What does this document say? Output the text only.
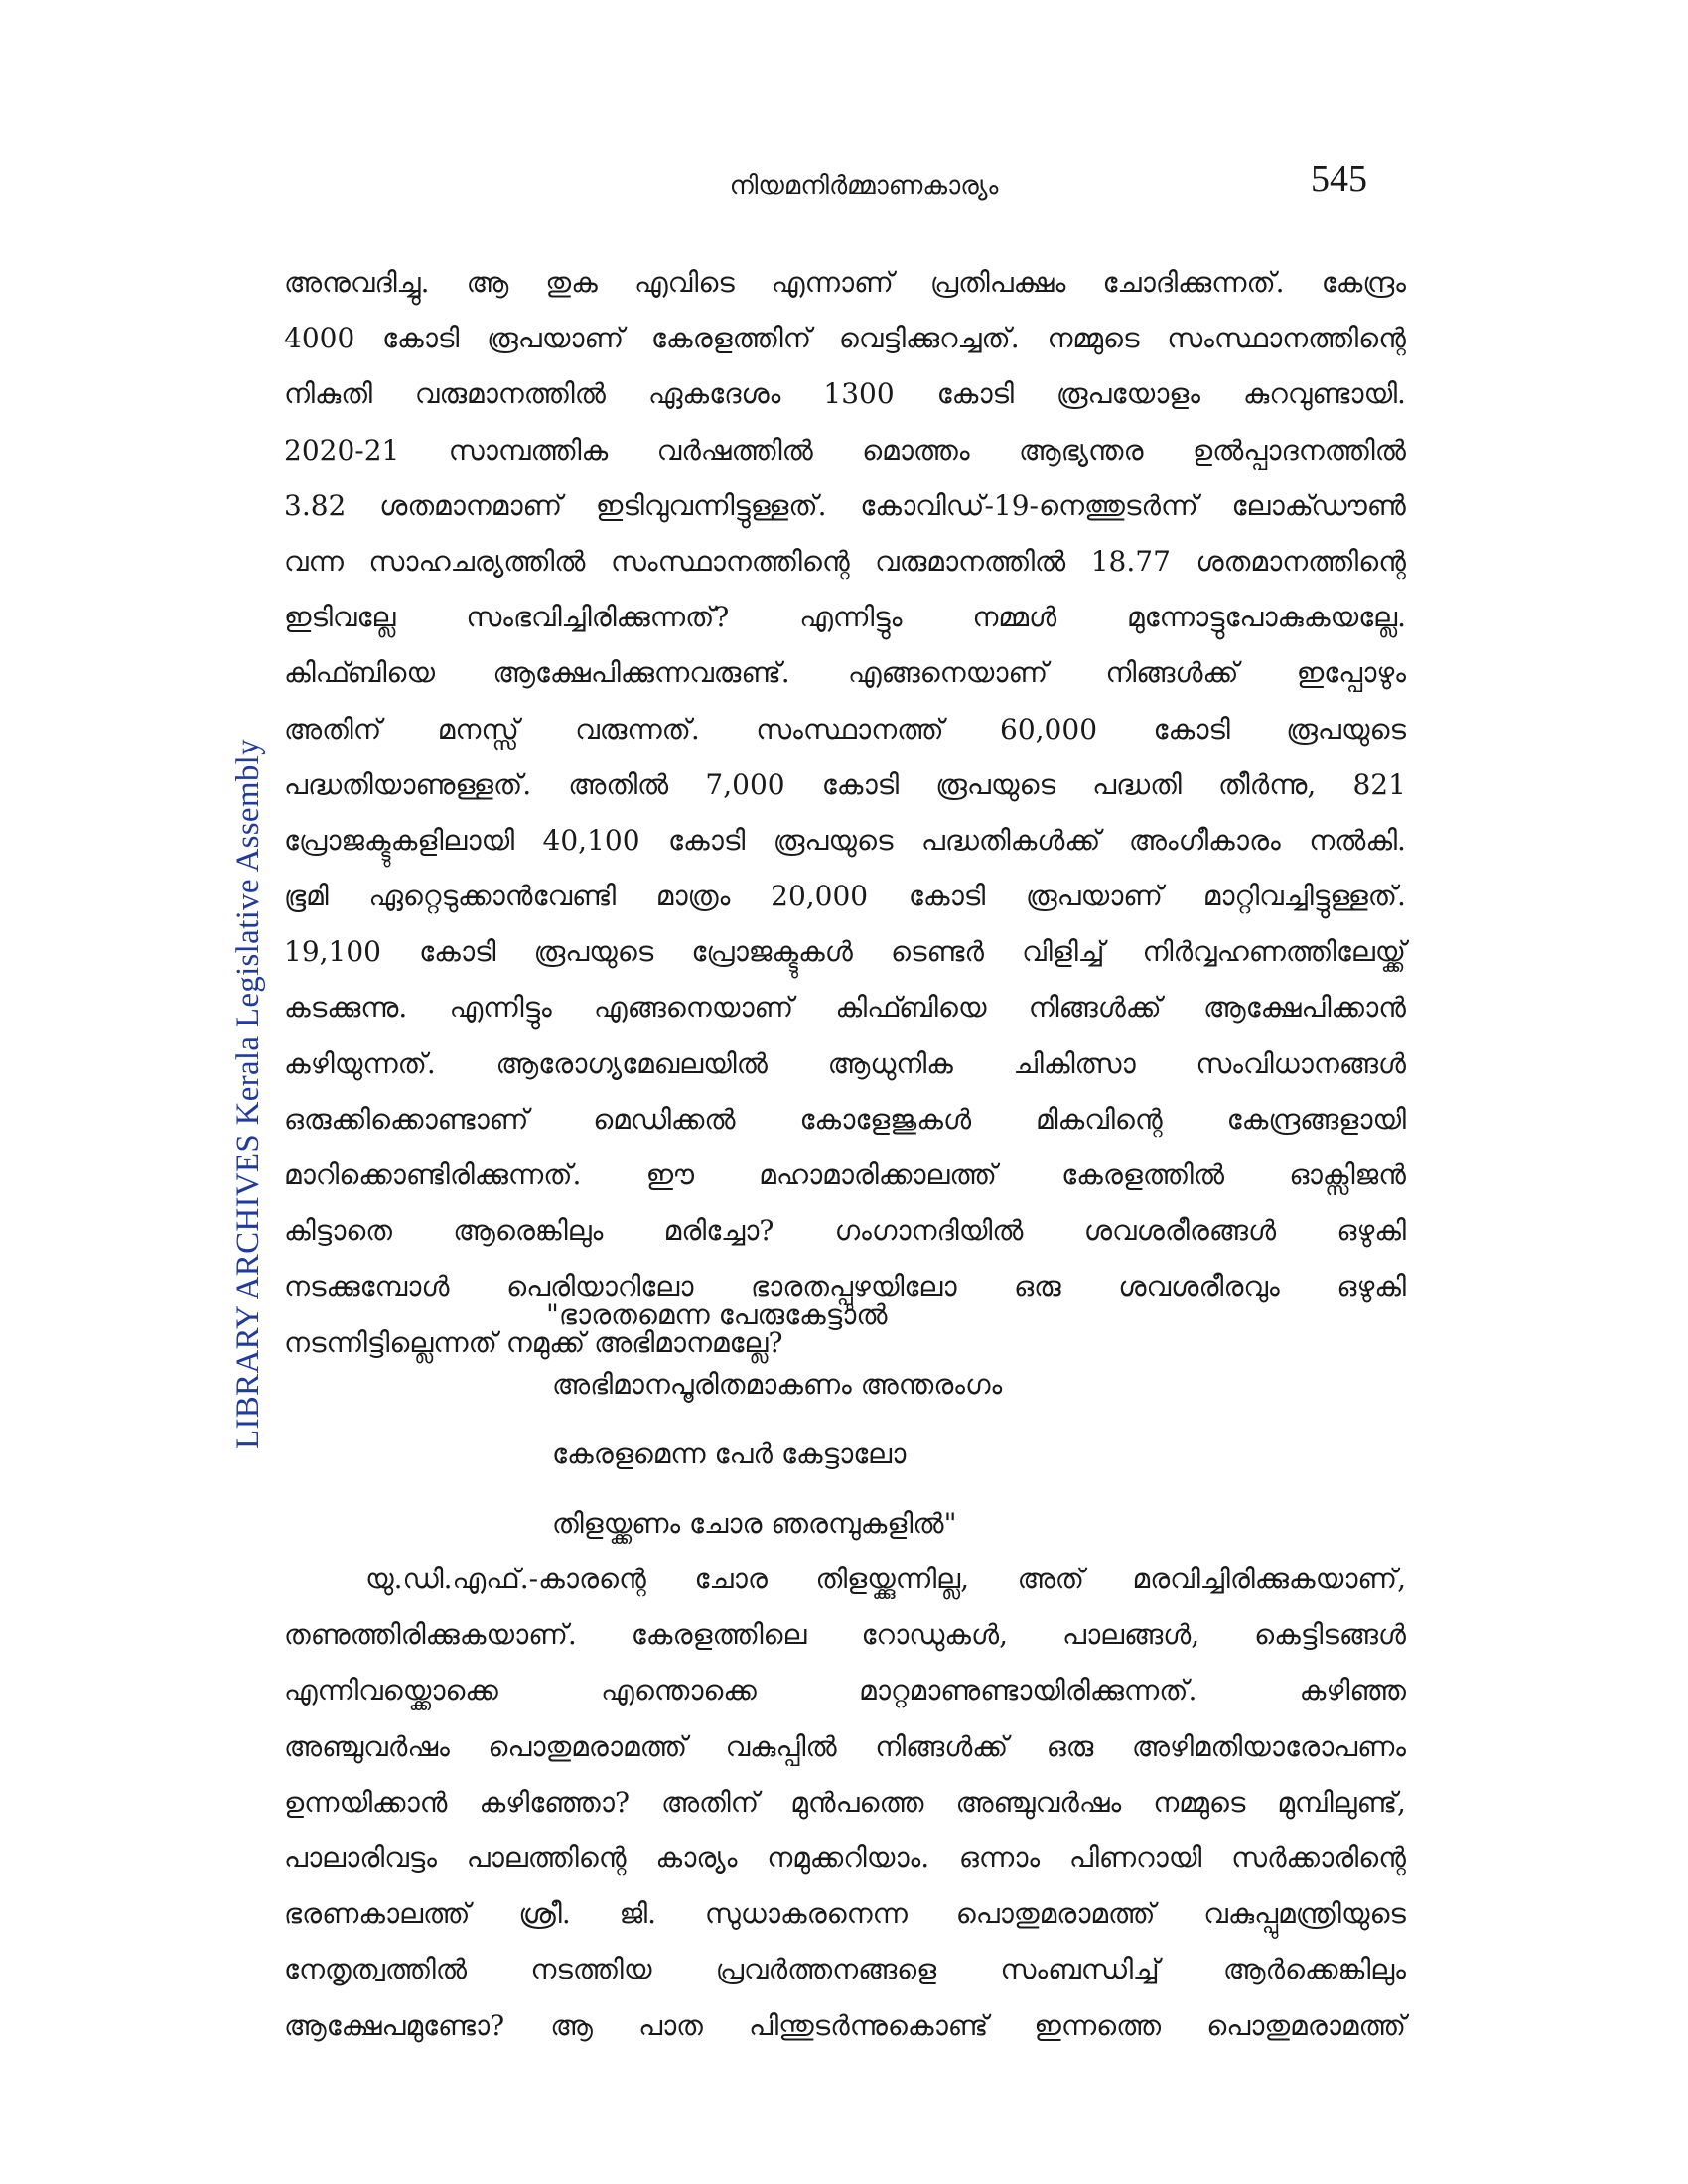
നിയമനിർമ്മാണകാര്യം	545
LIBRARY ARCHIVES Kerala Legislative Assembly
അനുവദിച്ചു. ആ തുക എവിടെ എന്നാണ് പ്രതിപക്ഷം ചോദിക്കുന്നത്. കേന്ദ്രം
4000 കോടി രൂപയാണ് കേരളത്തിന് വെട്ടിക്കുറച്ചത്. നമ്മുടെ സംസ്ഥാനത്തിന്റെ
നികുതി വരുമാനത്തിൽ ഏകദേശം 1300 കോടി രൂപയോളം കുറവുണ്ടായി.
2020-21 സാമ്പത്തിക വർഷത്തിൽ മൊത്തം ആഭ്യന്തര ഉൽപ്പാദനത്തിൽ
3.82 ശതമാനമാണ് ഇടിവുവന്നിട്ടുള്ളത്. കോവിഡ്-19-നെത്തുടർന്ന് ലോക്ഡൗൺ
വന്ന സാഹചര്യത്തിൽ സംസ്ഥാനത്തിന്റെ വരുമാനത്തിൽ 18.77 ശതമാനത്തിന്റെ
ഇടിവല്ലേ	സംഭവിച്ചിരിക്കുന്നത്?	എന്നിട്ടും	നമ്മൾ	മുന്നോട്ടുപോകുകയല്ലേ.
കിഫ്ബിയെ ആക്ഷേപിക്കുന്നവരുണ്ട്. എങ്ങനെയാണ് നിങ്ങൾക്ക് ഇപ്പോഴും
അതിന് മനസ്സ് വരുന്നത്. സംസ്ഥാനത്ത് 60,000 കോടി രൂപയുടെ
പദ്ധതിയാണുള്ളത്. അതിൽ 7,000 കോടി രൂപയുടെ പദ്ധതി തീർന്നു, 821
പ്രോജക്ടുകളിലായി 40,100 കോടി രൂപയുടെ പദ്ധതികൾക്ക് അംഗീകാരം നൽകി.
ഭൂമി ഏറ്റെടുക്കാൻവേണ്ടി മാത്രം 20,000 കോടി രൂപയാണ് മാറ്റിവച്ചിട്ടുള്ളത്.
19,100 കോടി രൂപയുടെ പ്രോജക്ടുകൾ ടെണ്ടർ വിളിച്ച് നിർവ്വഹണത്തിലേയ്ക്ക്
കടക്കുന്നു. എന്നിട്ടും എങ്ങനെയാണ് കിഫ്ബിയെ നിങ്ങൾക്ക് ആക്ഷേപിക്കാൻ
കഴിയുന്നത്. ആരോഗ്യമേഖലയിൽ ആധുനിക ചികിത്സാ സംവിധാനങ്ങൾ
ഒരുക്കിക്കൊണ്ടാണ് മെഡിക്കൽ കോളേജുകൾ മികവിന്റെ കേന്ദ്രങ്ങളായി
മാറിക്കൊണ്ടിരിക്കുന്നത്. ഈ മഹാമാരിക്കാലത്ത് കേരളത്തിൽ ഓക്സിജൻ
കിട്ടാതെ ആരെങ്കിലും മരിച്ചോ? ഗംഗാനദിയിൽ ശവശരീരങ്ങൾ ഒഴുകി
നടക്കുമ്പോൾ പെരിയാറിലോ ഭാരതപ്പുഴയിലോ ഒരു ശവശരീരവും ഒഴുകി
നടന്നിട്ടില്ലെന്നത് നമുക്ക് അഭിമാനമല്ലേ?
"ഭാരതമെന്ന പേരുകേട്ടാൽ
അഭിമാനപൂരിതമാകണം അന്തരംഗം
കേരളമെന്ന പേർ കേട്ടാലോ
തിളയ്ക്കണം ചോര ഞരമ്പുകളിൽ"
യു.ഡി.എഫ്.-കാരന്റെ ചോര തിളയ്ക്കുന്നില്ല, അത് മരവിച്ചിരിക്കുകയാണ്,
തണുത്തിരിക്കുകയാണ്. കേരളത്തിലെ റോഡുകൾ, പാലങ്ങൾ, കെട്ടിടങ്ങൾ
എന്നിവയ്ക്കൊക്കെ	എന്തൊക്കെ	മാറ്റമാണുണ്ടായിരിക്കുന്നത്.	കഴിഞ്ഞ
അഞ്ചുവർഷം പൊതുമരാമത്ത് വകുപ്പിൽ നിങ്ങൾക്ക് ഒരു അഴിമതിയാരോപണം
ഉന്നയിക്കാൻ കഴിഞ്ഞോ? അതിന് മുൻപത്തെ അഞ്ചുവർഷം നമ്മുടെ മുമ്പിലുണ്ട്,
പാലാരിവട്ടം പാലത്തിന്റെ കാര്യം നമുക്കറിയാം. ഒന്നാം പിണറായി സർക്കാരിന്റെ
ഭരണകാലത്ത് ശ്രീ. ജി. സുധാകരനെന്ന പൊതുമരാമത്ത് വകുപ്പുമന്ത്രിയുടെ
നേതൃത്വത്തിൽ നടത്തിയ പ്രവർത്തനങ്ങളെ സംബന്ധിച്ച് ആർക്കെങ്കിലും
ആക്ഷേപമുണ്ടോ? ആ പാത പിന്തുടർന്നുകൊണ്ട് ഇന്നത്തെ പൊതുമരാമത്ത്
